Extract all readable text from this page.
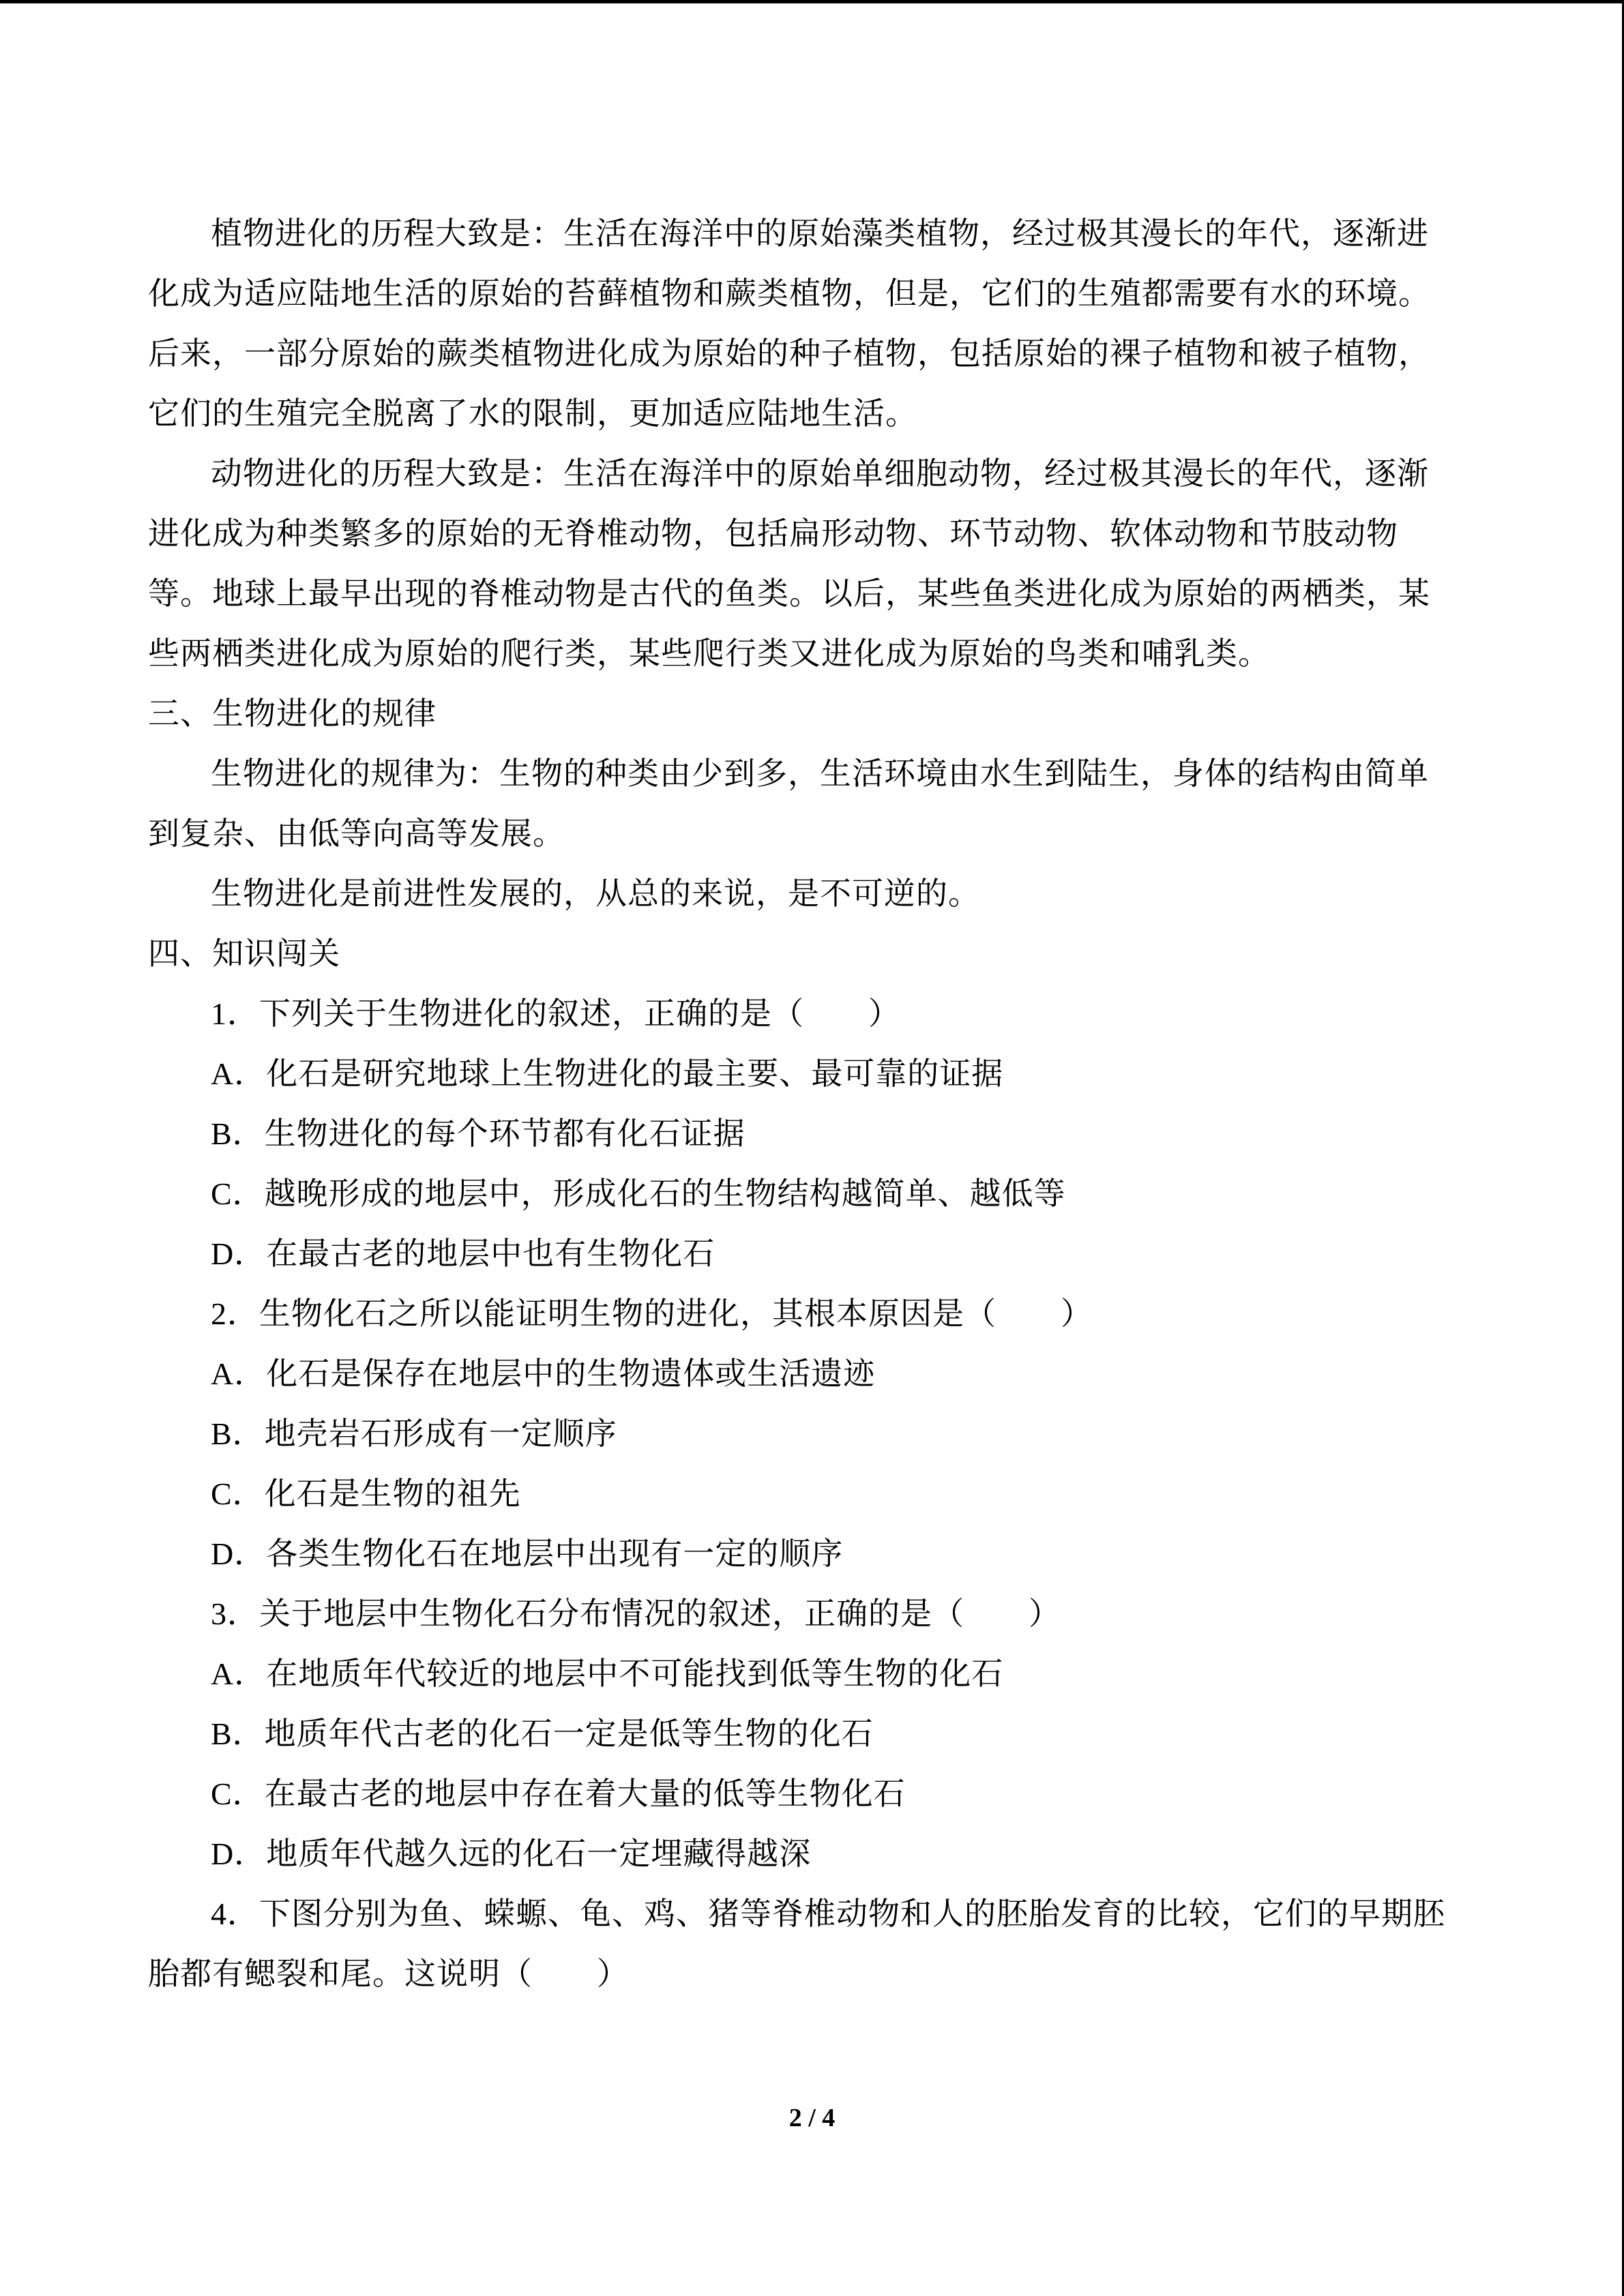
植物进化的历程大致是：生活在海洋中的原始藻类植物，经过极其漫长的年代，逐渐进
化成为适应陆地生活的原始的苔藓植物和蕨类植物，但是，它们的生殖都需要有水的环境。
后来，一部分原始的蕨类植物进化成为原始的种子植物，包括原始的裸子植物和被子植物，
它们的生殖完全脱离了水的限制，更加适应陆地生活。
动物进化的历程大致是：生活在海洋中的原始单细胞动物，经过极其漫长的年代，逐渐
进化成为种类繁多的原始的无脊椎动物，包括扁形动物、环节动物、软体动物和节肢动物
等。地球上最早出现的脊椎动物是古代的鱼类。以后，某些鱼类进化成为原始的两栖类，某
些两栖类进化成为原始的爬行类，某些爬行类又进化成为原始的鸟类和哺乳类。
三、生物进化的规律
生物进化的规律为：生物的种类由少到多，生活环境由水生到陆生，身体的结构由简单
到复杂、由低等向高等发展。
生物进化是前进性发展的，从总的来说，是不可逆的。
四、知识闯关
1．下列关于生物进化的叙述，正确的是（　　）
A．化石是研究地球上生物进化的最主要、最可靠的证据
B．生物进化的每个环节都有化石证据
C．越晚形成的地层中，形成化石的生物结构越简单、越低等
D．在最古老的地层中也有生物化石
2．生物化石之所以能证明生物的进化，其根本原因是（　　）
A．化石是保存在地层中的生物遗体或生活遗迹
B．地壳岩石形成有一定顺序
C．化石是生物的祖先
D．各类生物化石在地层中出现有一定的顺序
3．关于地层中生物化石分布情况的叙述，正确的是（　　）
A．在地质年代较近的地层中不可能找到低等生物的化石
B．地质年代古老的化石一定是低等生物的化石
C．在最古老的地层中存在着大量的低等生物化石
D．地质年代越久远的化石一定埋藏得越深
4．下图分别为鱼、蝾螈、龟、鸡、猪等脊椎动物和人的胚胎发育的比较，它们的早期胚
胎都有鳃裂和尾。这说明（　　）
2 / 4
